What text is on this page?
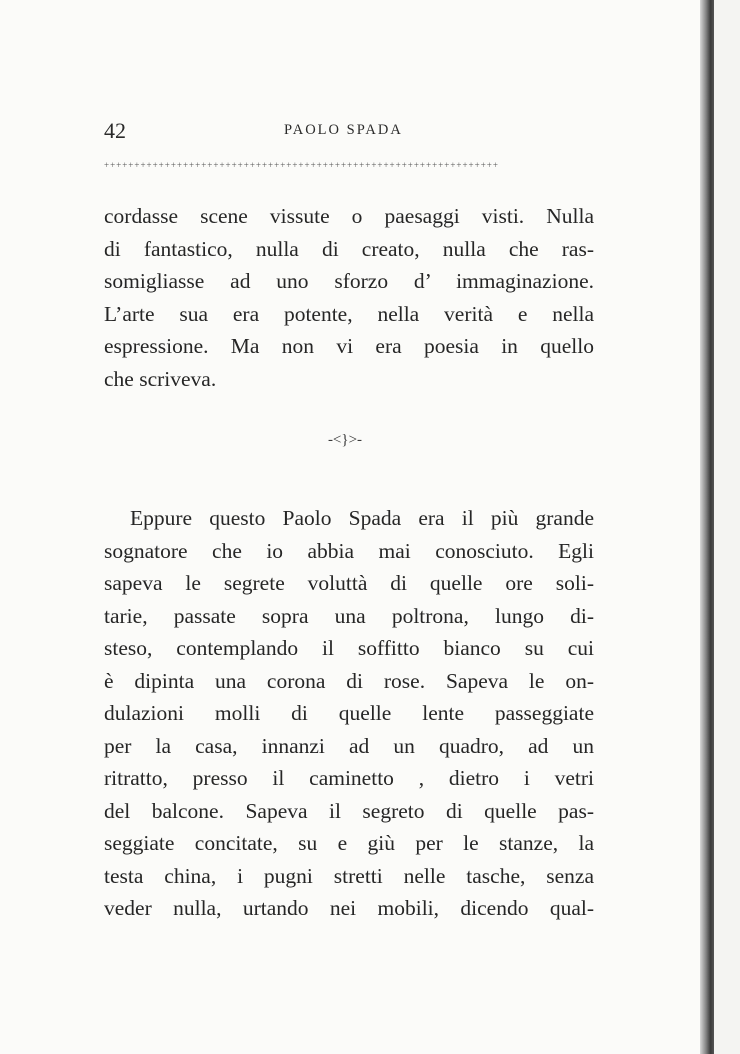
42	PAOLO SPADA
+++++++++++++++++++++++++++++++++++++++++++++++++++++++++++++++++

cordasse scene vissute o paesaggi visti. Nulla
di fantastico, nulla di creato, nulla che ras-
somigliasse ad uno sforzo d’ immaginazione.
L’arte sua era potente, nella verità e nella
espressione. Ma non vi era poesia in quello
che scriveva.

-<}>-

Eppure questo Paolo Spada era il più grande
sognatore che io abbia mai conosciuto. Egli
sapeva le segrete voluttà di quelle ore soli-
tarie, passate sopra una poltrona, lungo di-
steso, contemplando il soffitto bianco su cui
è dipinta una corona di rose. Sapeva le on-
dulazioni molli di quelle lente passeggiate
per la casa, innanzi ad un quadro, ad un
ritratto, presso il caminetto , dietro i vetri
del balcone. Sapeva il segreto di quelle pas-
seggiate concitate, su e giù per le stanze, la
testa china, i pugni stretti nelle tasche, senza
veder nulla, urtando nei mobili, dicendo qual-
